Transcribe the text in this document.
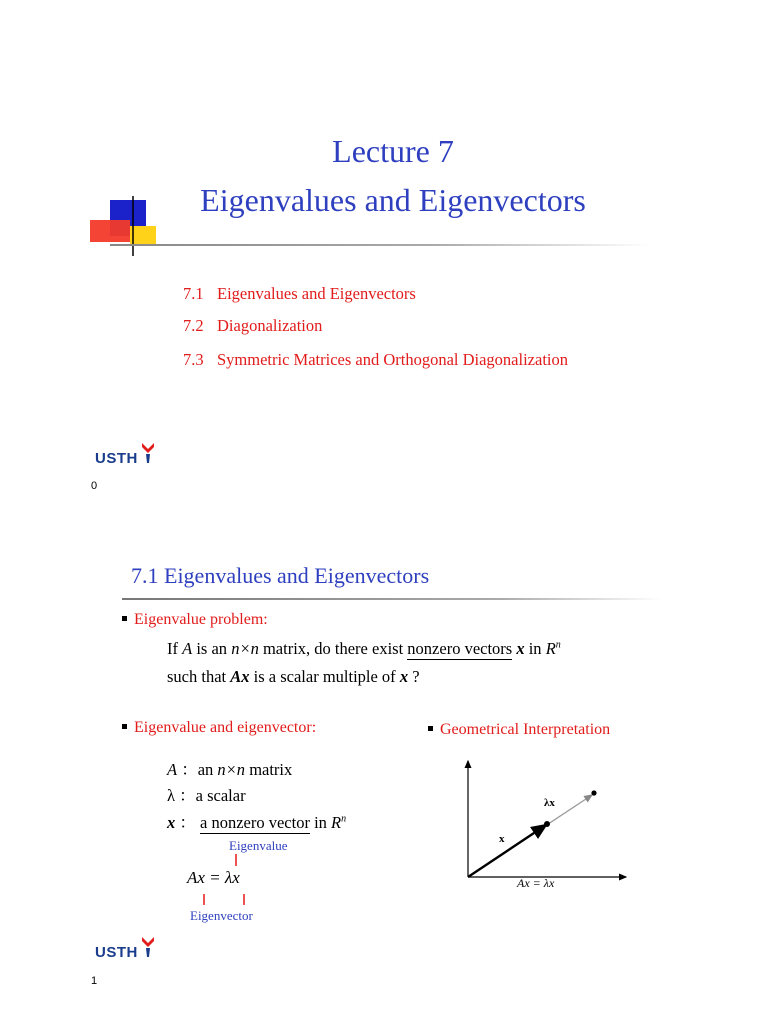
Lecture 7
Eigenvalues and Eigenvectors
7.1 Eigenvalues and Eigenvectors
7.2 Diagonalization
7.3 Symmetric Matrices and Orthogonal Diagonalization
USTH
0
7.1 Eigenvalues and Eigenvectors
Eigenvalue problem:
If A is an n×n matrix, do there exist nonzero vectors x in $R^n$
such that Ax is a scalar multiple of x ?
Eigenvalue and eigenvector:	Geometrical Interpretation
A ：an n×n matrix
λ ：a scalar
x ： a nonzero vector in $R^n$
Eigenvalue
Ax = λx
Eigenvector
λx
x
Ax = λx
USTH
1
